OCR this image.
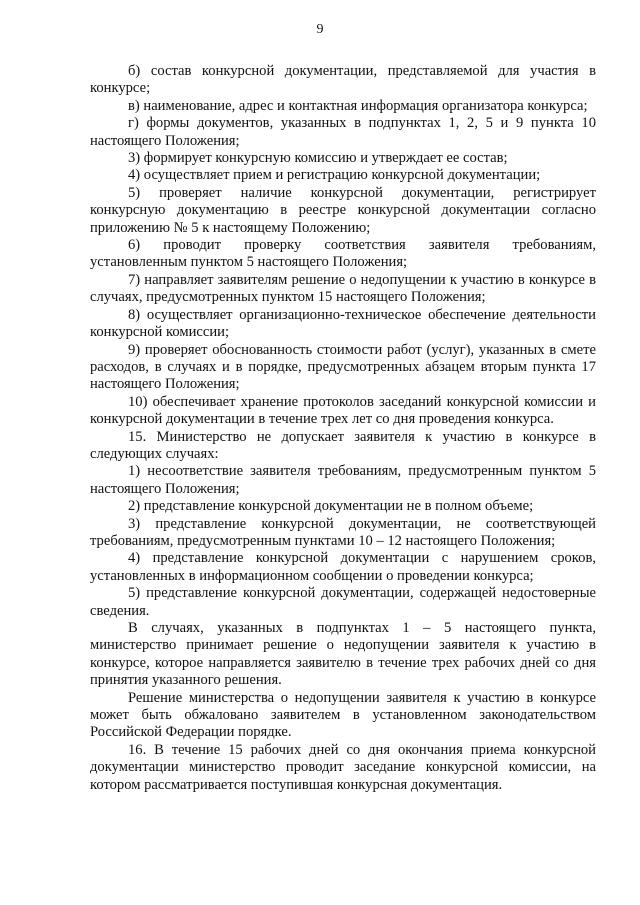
9

б) состав конкурсной документации, представляемой для участия в конкурсе;

в) наименование, адрес и контактная информация организатора конкурса;

г) формы документов, указанных в подпунктах 1, 2, 5 и 9 пункта 10 настоящего Положения;

3) формирует конкурсную комиссию и утверждает ее состав;

4) осуществляет прием и регистрацию конкурсной документации;

5) проверяет наличие конкурсной документации, регистрирует конкурсную документацию в реестре конкурсной документации согласно приложению № 5 к настоящему Положению;

6) проводит проверку соответствия заявителя требованиям, установленным пунктом 5 настоящего Положения;

7) направляет заявителям решение о недопущении к участию в конкурсе в случаях, предусмотренных пунктом 15 настоящего Положения;

8) осуществляет организационно-техническое обеспечение деятельности конкурсной комиссии;

9) проверяет обоснованность стоимости работ (услуг), указанных в смете расходов, в случаях и в порядке, предусмотренных абзацем вторым пункта 17 настоящего Положения;

10) обеспечивает хранение протоколов заседаний конкурсной комиссии и конкурсной документации в течение трех лет со дня проведения конкурса.

15. Министерство не допускает заявителя к участию в конкурсе в следующих случаях:

1) несоответствие заявителя требованиям, предусмотренным пунктом 5 настоящего Положения;

2) представление конкурсной документации не в полном объеме;

3) представление конкурсной документации, не соответствующей требованиям, предусмотренным пунктами 10 – 12 настоящего Положения;

4) представление конкурсной документации с нарушением сроков, установленных в информационном сообщении о проведении конкурса;

5) представление конкурсной документации, содержащей недостоверные сведения.

В случаях, указанных в подпунктах 1 – 5 настоящего пункта, министерство принимает решение о недопущении заявителя к участию в конкурсе, которое направляется заявителю в течение трех рабочих дней со дня принятия указанного решения.

Решение министерства о недопущении заявителя к участию в конкурсе может быть обжаловано заявителем в установленном законодательством Российской Федерации порядке.

16. В течение 15 рабочих дней со дня окончания приема конкурсной документации министерство проводит заседание конкурсной комиссии, на котором рассматривается поступившая конкурсная документация.
